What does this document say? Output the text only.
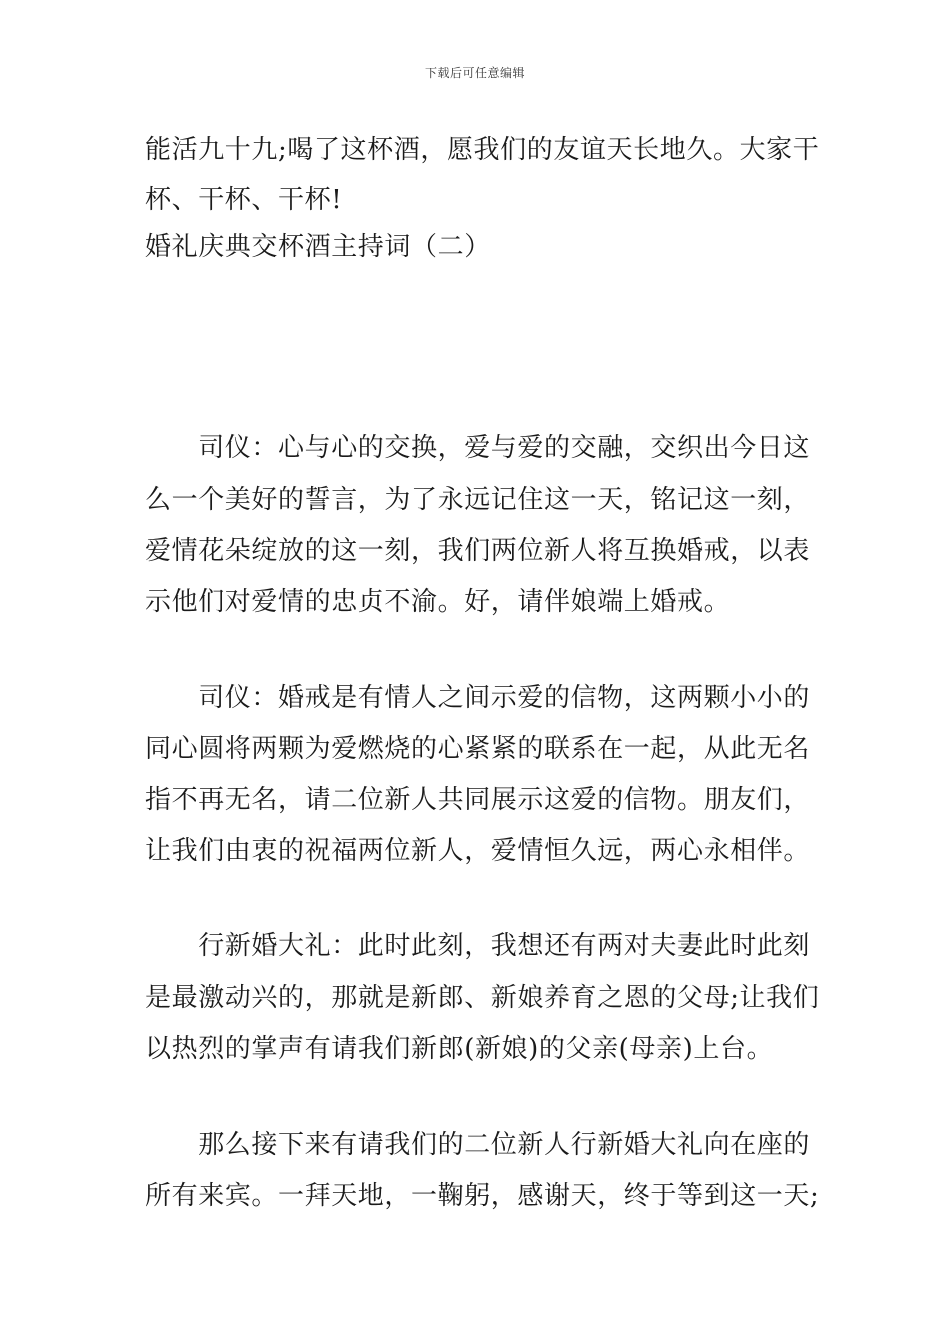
下载后可任意编辑
能活九十九;喝了这杯酒，愿我们的友谊天长地久。大家干
杯、干杯、干杯!
婚礼庆典交杯酒主持词（二）
　　司仪：心与心的交换，爱与爱的交融，交织出今日这
么一个美好的誓言，为了永远记住这一天，铭记这一刻，
爱情花朵绽放的这一刻，我们两位新人将互换婚戒，以表
示他们对爱情的忠贞不渝。好，请伴娘端上婚戒。
　　司仪：婚戒是有情人之间示爱的信物，这两颗小小的
同心圆将两颗为爱燃烧的心紧紧的联系在一起，从此无名
指不再无名，请二位新人共同展示这爱的信物。朋友们，
让我们由衷的祝福两位新人，爱情恒久远，两心永相伴。
　　行新婚大礼：此时此刻，我想还有两对夫妻此时此刻
是最激动兴的，那就是新郎、新娘养育之恩的父母;让我们
以热烈的掌声有请我们新郎(新娘)的父亲(母亲)上台。
　　那么接下来有请我们的二位新人行新婚大礼向在座的
所有来宾。一拜天地，一鞠躬，感谢天，终于等到这一天;
